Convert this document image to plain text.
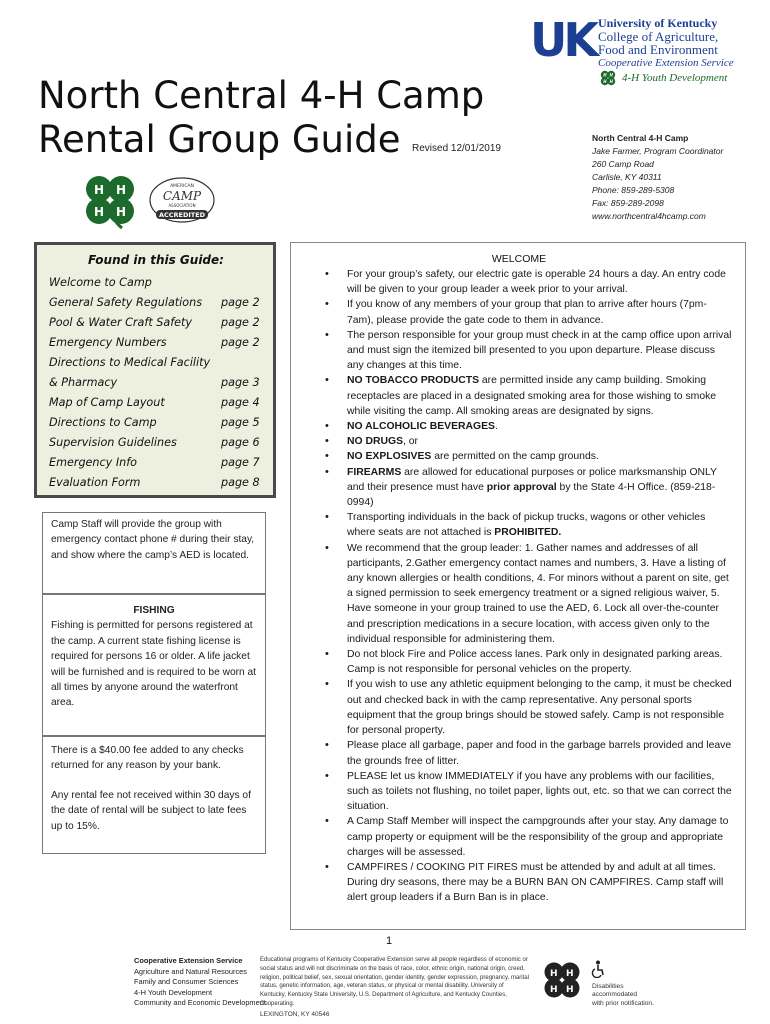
UK University of Kentucky
College of Agriculture,
Food and Environment
Cooperative Extension Service
H H
H H 4-H Youth Development
North Central 4-H Camp
Rental Group Guide	Revised 12/01/2019
North Central 4-H Camp
Jake Farmer, Program Coordinator
260 Camp Road
Carlisle, KY 40311
Phone: 859-289-5308
Fax: 859-289-2098
www.northcentral4hcamp.com
H H
H H
AMERICAN
CAMP
ASSOCIATION
ACCREDITED
Found in this Guide:
Welcome to Camp
General Safety Regulations page 2
Pool & Water Craft Safety	page 2
Emergency Numbers	page 2
Directions to Medical Facility
& Pharmacy	page 3
Map of Camp Layout	page 4
Directions to Camp	page 5
Supervision Guidelines	page 6
Emergency Info	page 7
Evaluation Form	page 8
Camp Staff will provide the group with emergency contact phone # during their stay, and show where the camp’s AED is located.
FISHING
Fishing is permitted for persons registered at the camp. A current state fishing license is required for persons 16 or older. A life jacket will be furnished and is required to be worn at all times by anyone around the waterfront area.

There is a $40.00 fee added to any checks returned for any reason by your bank.

Any rental fee not received within 30 days of the date of rental will be subject to late fees up to 15%.

WELCOME
• For your group’s safety, our electric gate is operable 24 hours a day. An entry code will be given to your group leader a week prior to your arrival.
• If you know of any members of your group that plan to arrive after hours (7pm-7am), please provide the gate code to them in advance.
• The person responsible for your group must check in at the camp office upon arrival and must sign the itemized bill presented to you upon departure. Please discuss any changes at this time.
• NO TOBACCO PRODUCTS are permitted inside any camp building. Smoking receptacles are placed in a designated smoking area for those wishing to smoke while visiting the camp. All smoking areas are designated by signs.
• NO ALCOHOLIC BEVERAGES.
• NO DRUGS, or
• NO EXPLOSIVES are permitted on the camp grounds.
• FIREARMS are allowed for educational purposes or police marksmanship ONLY and their presence must have prior approval by the State 4-H Office. (859-218-0994)
• Transporting individuals in the back of pickup trucks, wagons or other vehicles where seats are not attached is PROHIBITED.
• We recommend that the group leader: 1. Gather names and addresses of all participants, 2.Gather emergency contact names and numbers, 3. Have a listing of any known allergies or health conditions, 4. For minors without a parent on site, get a signed permission to seek emergency treatment or a signed religious waiver, 5. Have someone in your group trained to use the AED, 6. Lock all over-the-counter and prescription medications in a secure location, with access given only to the individual responsible for administering them.
• Do not block Fire and Police access lanes. Park only in designated parking areas. Camp is not responsible for personal vehicles on the property.
• If you wish to use any athletic equipment belonging to the camp, it must be checked out and checked back in with the camp representative. Any personal sports equipment that the group brings should be stowed safely. Camp is not responsible for personal property.
• Please place all garbage, paper and food in the garbage barrels provided and leave the grounds free of litter.
• PLEASE let us know IMMEDIATELY if you have any problems with our facilities, such as toilets not flushing, no toilet paper, lights out, etc. so that we can correct the situation.
• A Camp Staff Member will inspect the campgrounds after your stay. Any damage to camp property or equipment will be the responsibility of the group and appropriate charges will be assessed.
• CAMPFIRES / COOKING PIT FIRES must be attended by and adult at all times. During dry seasons, there may be a BURN BAN ON CAMPFIRES. Camp staff will alert group leaders if a Burn Ban is in place.
1
Cooperative Extension Service
Agriculture and Natural Resources
Family and Consumer Sciences
4-H Youth Development
Community and Economic Development
Educational programs of Kentucky Cooperative Extension serve all people regardless of economic or social status and will not discriminate on the basis of race, color, ethnic origin, national origin, creed, religion, political belief, sex, sexual orientation, gender identity, gender expression, pregnancy, marital status, genetic information, age, veteran status, or physical or mental disability. University of Kentucky, Kentucky State University, U.S. Department of Agriculture, and Kentucky Counties, Cooperating.
LEXINGTON, KY 40546
H H
H H	Disabilities
accommodated
with prior notification.
